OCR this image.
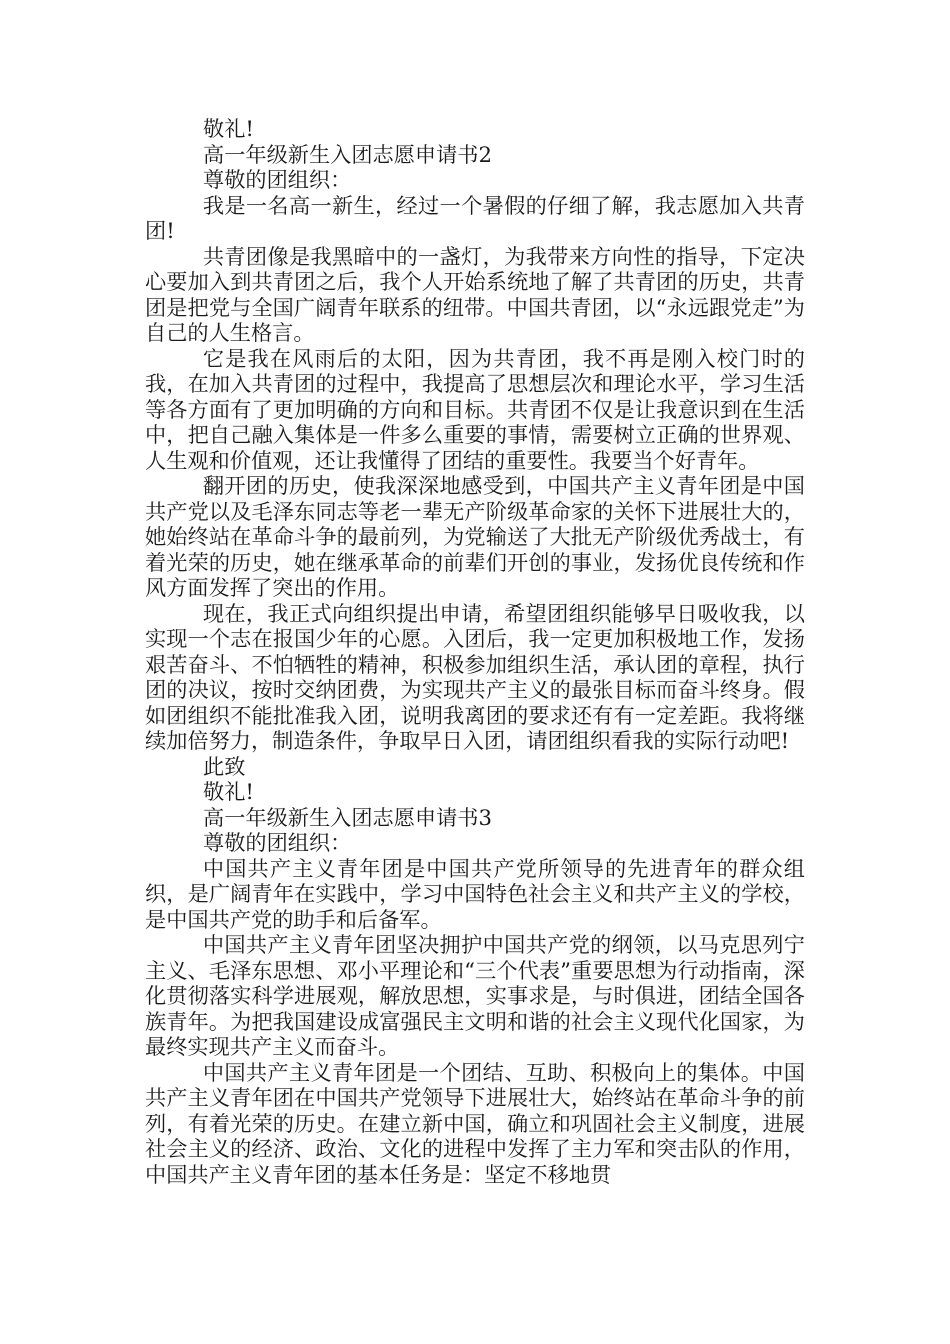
敬礼!
高一年级新生入团志愿申请书2
尊敬的团组织：

我是一名高一新生，经过一个暑假的仔细了解，我志愿加入共青团!

共青团像是我黑暗中的一盏灯，为我带来方向性的指导，下定决心要加入到共青团之后，我个人开始系统地了解了共青团的历史，共青团是把党与全国广阔青年联系的纽带。中国共青团，以“永远跟党走”为自己的人生格言。

它是我在风雨后的太阳，因为共青团，我不再是刚入校门时的我，在加入共青团的过程中，我提高了思想层次和理论水平，学习生活等各方面有了更加明确的方向和目标。共青团不仅是让我意识到在生活中，把自己融入集体是一件多么重要的事情，需要树立正确的世界观、人生观和价值观，还让我懂得了团结的重要性。我要当个好青年。

翻开团的历史，使我深深地感受到，中国共产主义青年团是中国共产党以及毛泽东同志等老一辈无产阶级革命家的关怀下进展壮大的，她始终站在革命斗争的最前列，为党输送了大批无产阶级优秀战士，有着光荣的历史，她在继承革命的前辈们开创的事业，发扬优良传统和作风方面发挥了突出的作用。

现在，我正式向组织提出申请，希望团组织能够早日吸收我，以实现一个志在报国少年的心愿。入团后，我一定更加积极地工作，发扬艰苦奋斗、不怕牺牲的精神，积极参加组织生活，承认团的章程，执行团的决议，按时交纳团费，为实现共产主义的最张目标而奋斗终身。假如团组织不能批准我入团，说明我离团的要求还有有一定差距。我将继续加倍努力，制造条件，争取早日入团，请团组织看我的实际行动吧!

此致
敬礼!
高一年级新生入团志愿申请书3
尊敬的团组织：

中国共产主义青年团是中国共产党所领导的先进青年的群众组织，是广阔青年在实践中，学习中国特色社会主义和共产主义的学校，是中国共产党的助手和后备军。

中国共产主义青年团坚决拥护中国共产党的纲领，以马克思列宁主义、毛泽东思想、邓小平理论和“三个代表”重要思想为行动指南，深化贯彻落实科学进展观，解放思想，实事求是，与时俱进，团结全国各族青年。为把我国建设成富强民主文明和谐的社会主义现代化国家，为最终实现共产主义而奋斗。

中国共产主义青年团是一个团结、互助、积极向上的集体。中国共产主义青年团在中国共产党领导下进展壮大，始终站在革命斗争的前列，有着光荣的历史。在建立新中国，确立和巩固社会主义制度，进展社会主义的经济、政治、文化的进程中发挥了主力军和突击队的作用，中国共产主义青年团的基本任务是：坚定不移地贯
